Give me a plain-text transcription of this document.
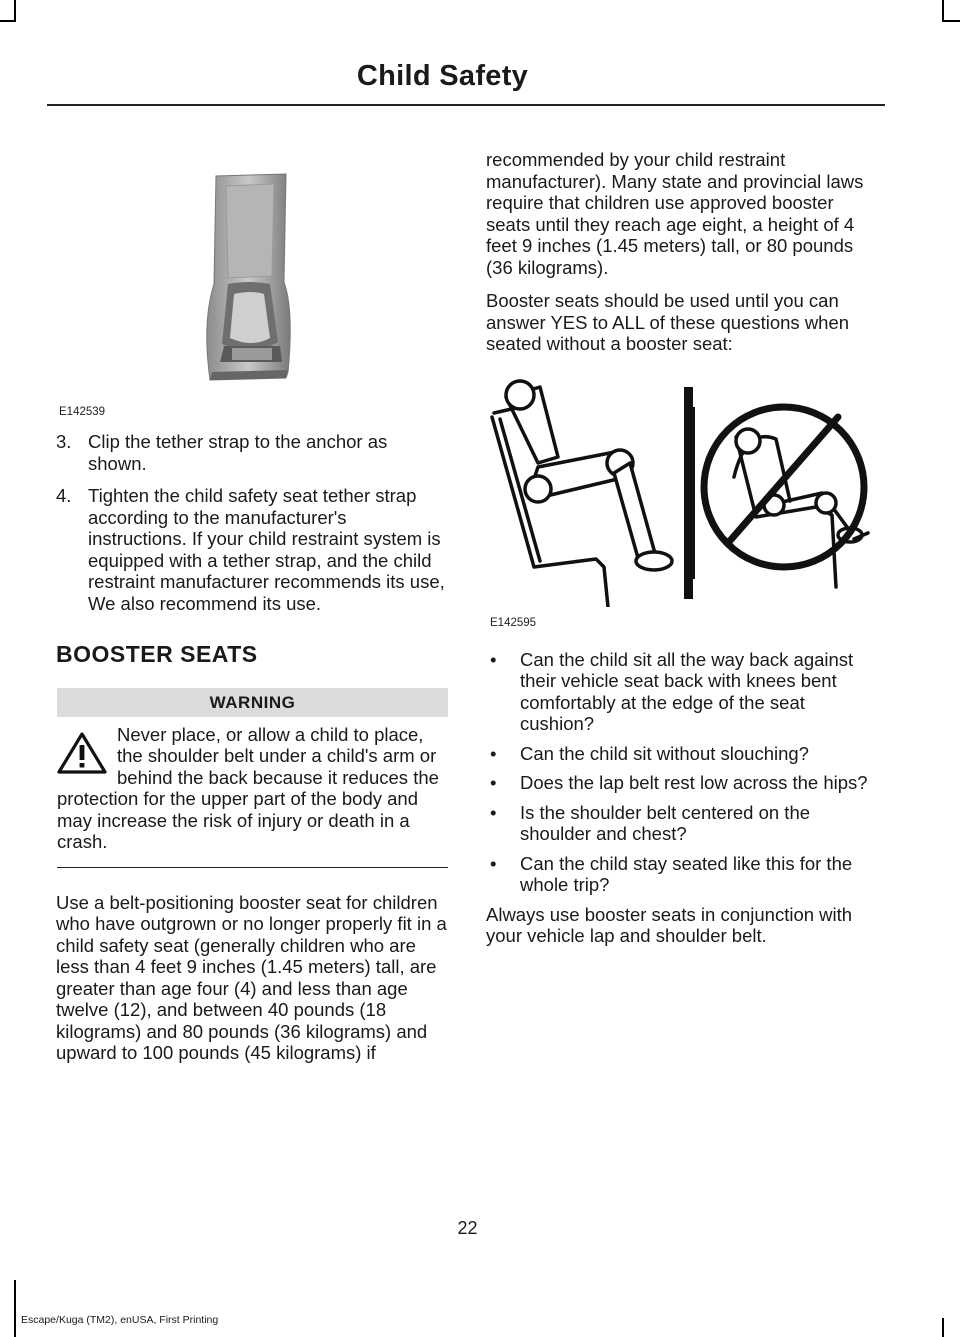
Child Safety
E142539
3. Clip the tether strap to the anchor as shown.
4. Tighten the child safety seat tether strap according to the manufacturer's instructions. If your child restraint system is equipped with a tether strap, and the child restraint manufacturer recommends its use, We also recommend its use.
BOOSTER SEATS
WARNING
Never place, or allow a child to place, the shoulder belt under a child's arm or behind the back because it reduces the protection for the upper part of the body and may increase the risk of injury or death in a crash.

Use a belt-positioning booster seat for children who have outgrown or no longer properly fit in a child safety seat (generally children who are less than 4 feet 9 inches (1.45 meters) tall, are greater than age four (4) and less than age twelve (12), and between 40 pounds (18 kilograms) and 80 pounds (36 kilograms) and upward to 100 pounds (45 kilograms) if

recommended by your child restraint manufacturer). Many state and provincial laws require that children use approved booster seats until they reach age eight, a height of 4 feet 9 inches (1.45 meters) tall, or 80 pounds (36 kilograms).

Booster seats should be used until you can answer YES to ALL of these questions when seated without a booster seat:

E142595
• Can the child sit all the way back against their vehicle seat back with knees bent comfortably at the edge of the seat cushion?
• Can the child sit without slouching?
• Does the lap belt rest low across the hips?
• Is the shoulder belt centered on the shoulder and chest?
• Can the child stay seated like this for the whole trip?

Always use booster seats in conjunction with your vehicle lap and shoulder belt.

22
Escape/Kuga (TM2), enUSA, First Printing
